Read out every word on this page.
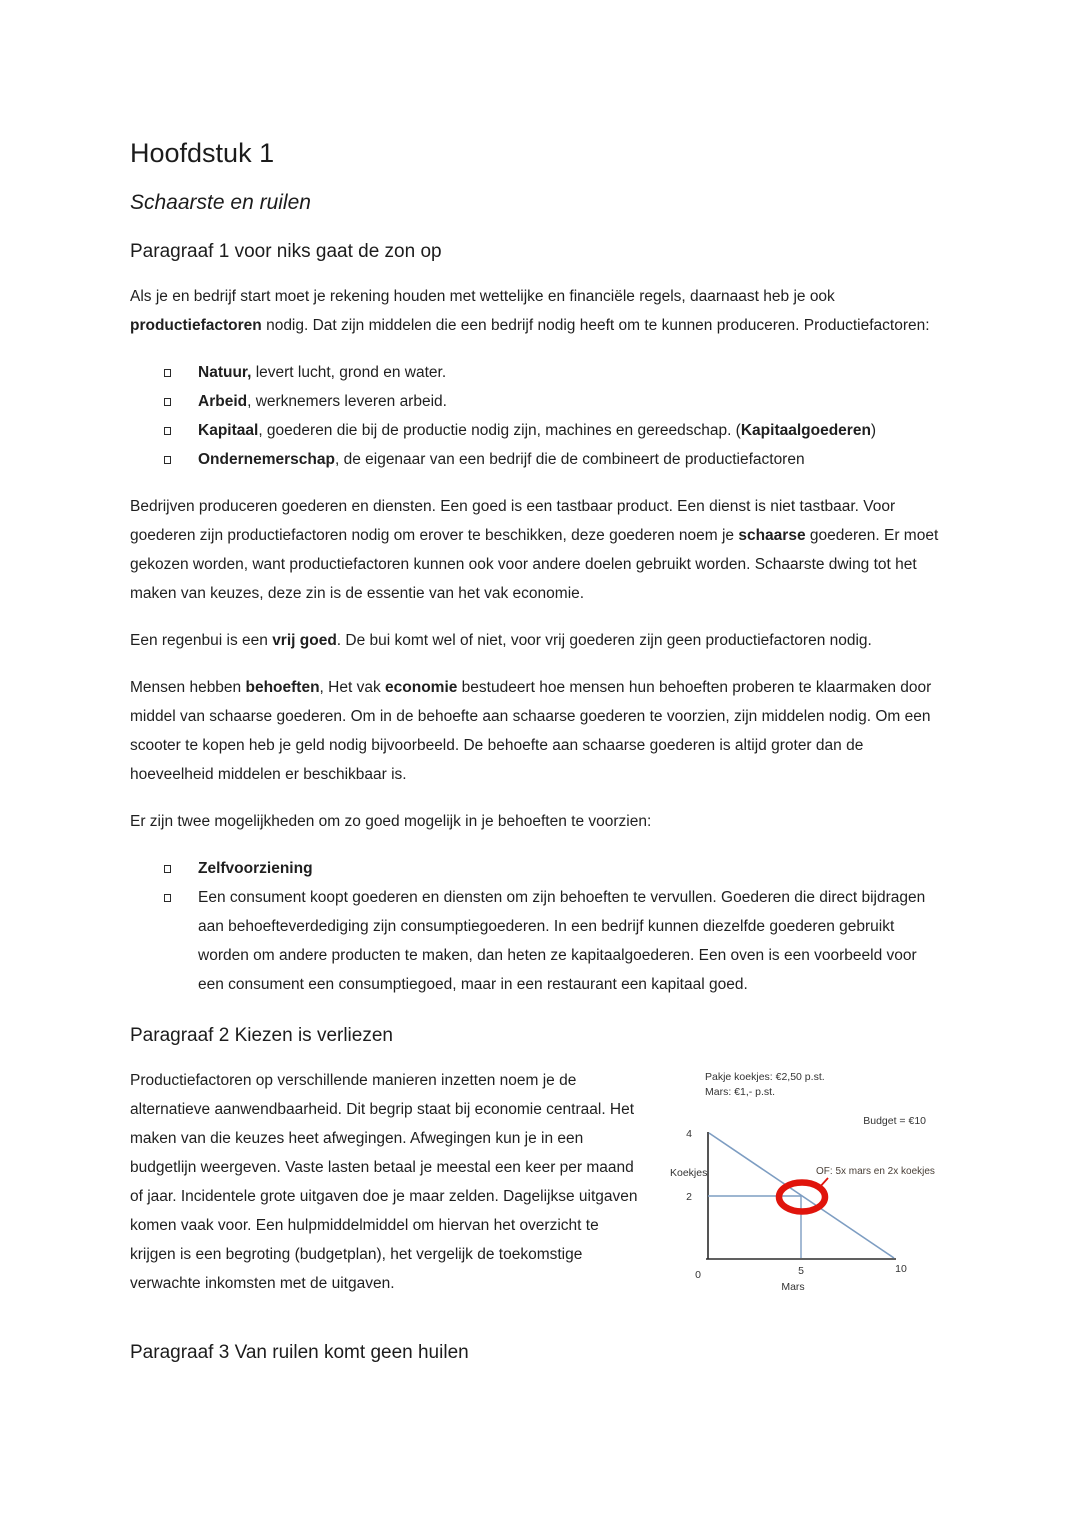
Hoofdstuk 1
Schaarste en ruilen
Paragraaf 1 voor niks gaat de zon op

Als je en bedrijf start moet je rekening houden met wettelijke en financiële regels, daarnaast heb je ook productiefactoren nodig. Dat zijn middelen die een bedrijf nodig heeft om te kunnen produceren. Productiefactoren:

Natuur, levert lucht, grond en water.
Arbeid, werknemers leveren arbeid.
Kapitaal, goederen die bij de productie nodig zijn, machines en gereedschap. (Kapitaalgoederen)
Ondernemerschap, de eigenaar van een bedrijf die de combineert de productiefactoren

Bedrijven produceren goederen en diensten. Een goed is een tastbaar product. Een dienst is niet tastbaar. Voor goederen zijn productiefactoren nodig om erover te beschikken, deze goederen noem je schaarse goederen. Er moet gekozen worden, want productiefactoren kunnen ook voor andere doelen gebruikt worden. Schaarste dwing tot het maken van keuzes, deze zin is de essentie van het vak economie.

Een regenbui is een vrij goed. De bui komt wel of niet, voor vrij goederen zijn geen productiefactoren nodig.

Mensen hebben behoeften, Het vak economie bestudeert hoe mensen hun behoeften proberen te klaarmaken door middel van schaarse goederen. Om in de behoefte aan schaarse goederen te voorzien, zijn middelen nodig. Om een scooter te kopen heb je geld nodig bijvoorbeeld. De behoefte aan schaarse goederen is altijd groter dan de hoeveelheid middelen er beschikbaar is.

Er zijn twee mogelijkheden om zo goed mogelijk in je behoeften te voorzien:

Zelfvoorziening
Een consument koopt goederen en diensten om zijn behoeften te vervullen. Goederen die direct bijdragen aan behoefteverdediging zijn consumptiegoederen. In een bedrijf kunnen diezelfde goederen gebruikt worden om andere producten te maken, dan heten ze kapitaalgoederen. Een oven is een voorbeeld voor een consument een consumptiegoed, maar in een restaurant een kapitaal goed.
Paragraaf 2 Kiezen is verliezen

Productiefactoren op verschillende manieren inzetten noem je de alternatieve aanwendbaarheid. Dit begrip staat bij economie centraal. Het maken van die keuzes heet afwegingen. Afwegingen kun je in een budgetlijn weergeven. Vaste lasten betaal je meestal een keer per maand of jaar. Incidentele grote uitgaven doe je maar zelden. Dagelijkse uitgaven komen vaak voor. Een hulpmiddelmiddel om hiervan het overzicht te krijgen is een begroting (budgetplan), het vergelijk de toekomstige verwachte inkomsten met de uitgaven.

Pakje koekjes: €2,50 p.st.
Mars: €1,- p.st.
Budget = €10
4
2
Koekjes
0	5	10
Mars
OF: 5x mars en 2x koekjes
Paragraaf 3 Van ruilen komt geen huilen
